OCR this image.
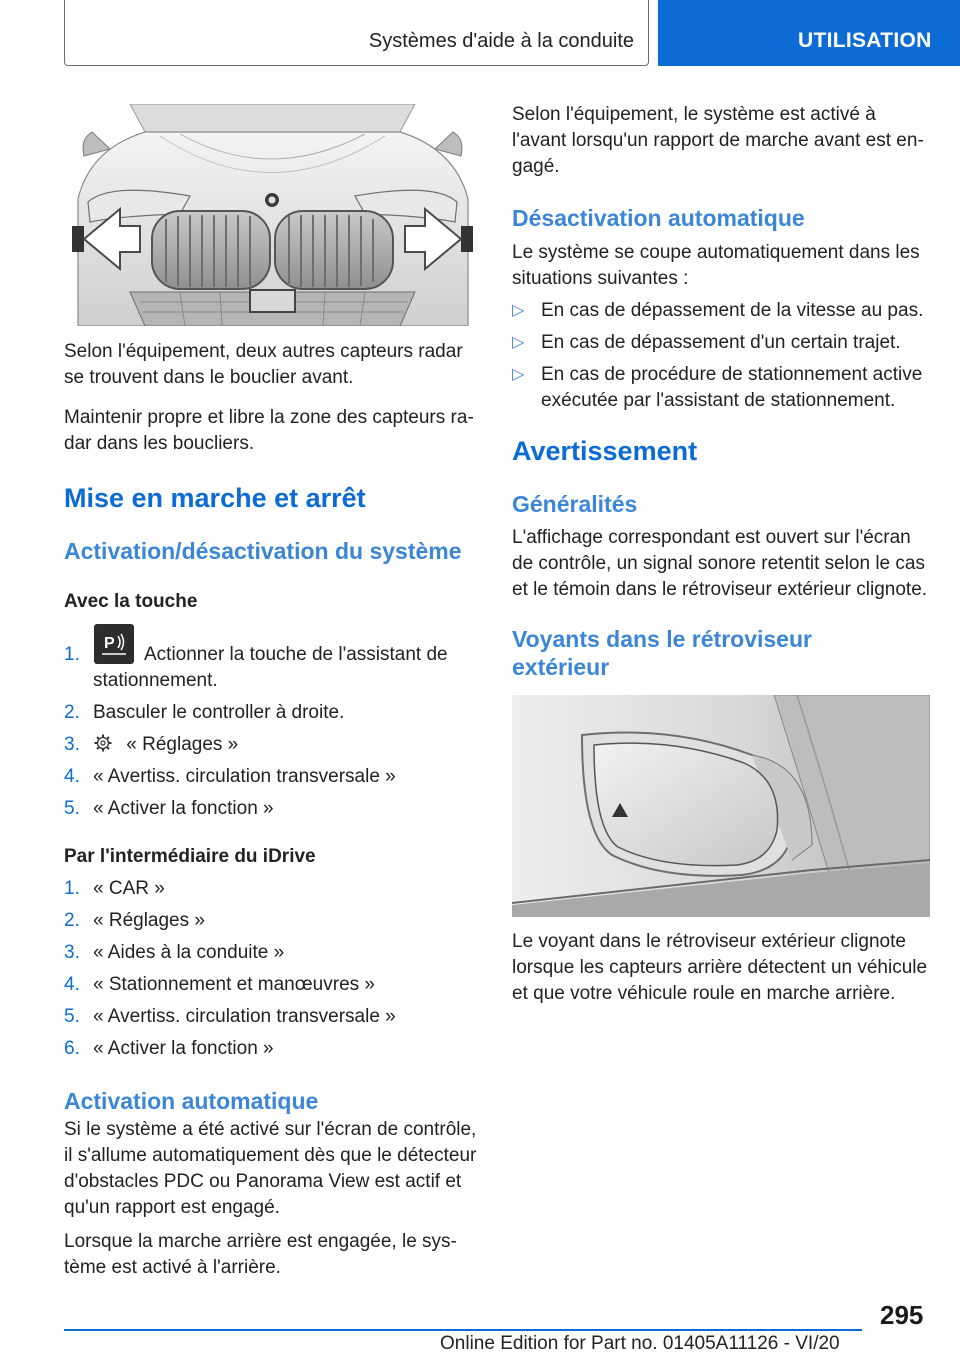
Systèmes d'aide à la conduite	UTILISATION

Selon l'équipement, deux autres capteurs radar se trouvent dans le bouclier avant.

Maintenir propre et libre la zone des capteurs radar dans les boucliers.

Mise en marche et arrêt
Activation/désactivation du système
Avec la touche
1.
P
Actionner la touche de l'assistant de stationnement.
2. Basculer le controller à droite.
3. « Réglages »
4. « Avertiss. circulation transversale »
5. « Activer la fonction »
Par l'intermédiaire du iDrive
1. « CAR »
2. « Réglages »
3. « Aides à la conduite »
4. « Stationnement et manœuvres »
5. « Avertiss. circulation transversale »
6. « Activer la fonction »
Activation automatique

Si le système a été activé sur l'écran de contrôle, il s'allume automatiquement dès que le détecteur d'obstacles PDC ou Panorama View est actif et qu'un rapport est engagé.

Lorsque la marche arrière est engagée, le système est activé à l'arrière.

Selon l'équipement, le système est activé à l'avant lorsqu'un rapport de marche avant est engagé.

Désactivation automatique

Le système se coupe automatiquement dans les situations suivantes :

▷ En cas de dépassement de la vitesse au pas.
▷ En cas de dépassement d'un certain trajet.
▷ En cas de procédure de stationnement active exécutée par l'assistant de stationnement.
Avertissement
Généralités

L'affichage correspondant est ouvert sur l'écran de contrôle, un signal sonore retentit selon le cas et le témoin dans le rétroviseur extérieur clignote.

Voyants dans le rétroviseur extérieur

Le voyant dans le rétroviseur extérieur clignote lorsque les capteurs arrière détectent un véhicule et que votre véhicule roule en marche arrière.

295
Online Edition for Part no. 01405A11126 - VI/20
